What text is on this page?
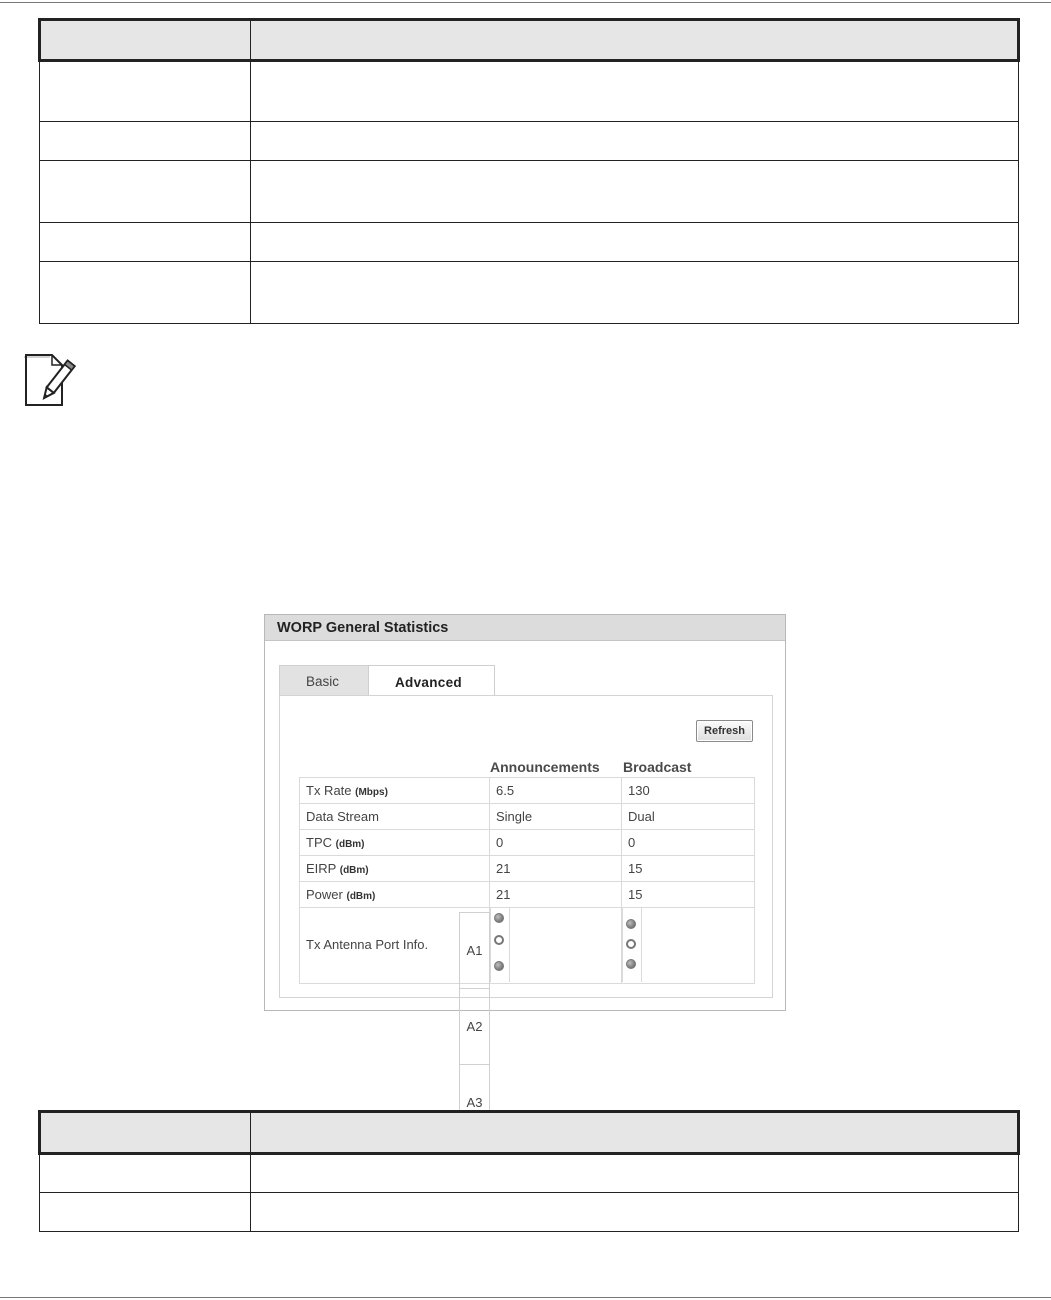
WORP General Statistics
Basic	Advanced
Refresh
Announcements Broadcast
Tx Rate (Mbps)	6.5	130
Data Stream	Single	Dual
TPC (dBm)	0	0
EIRP (dBm)	21	15
Power (dBm)	21	15

Tx Antenna Port Info.	A1
A2
A3
